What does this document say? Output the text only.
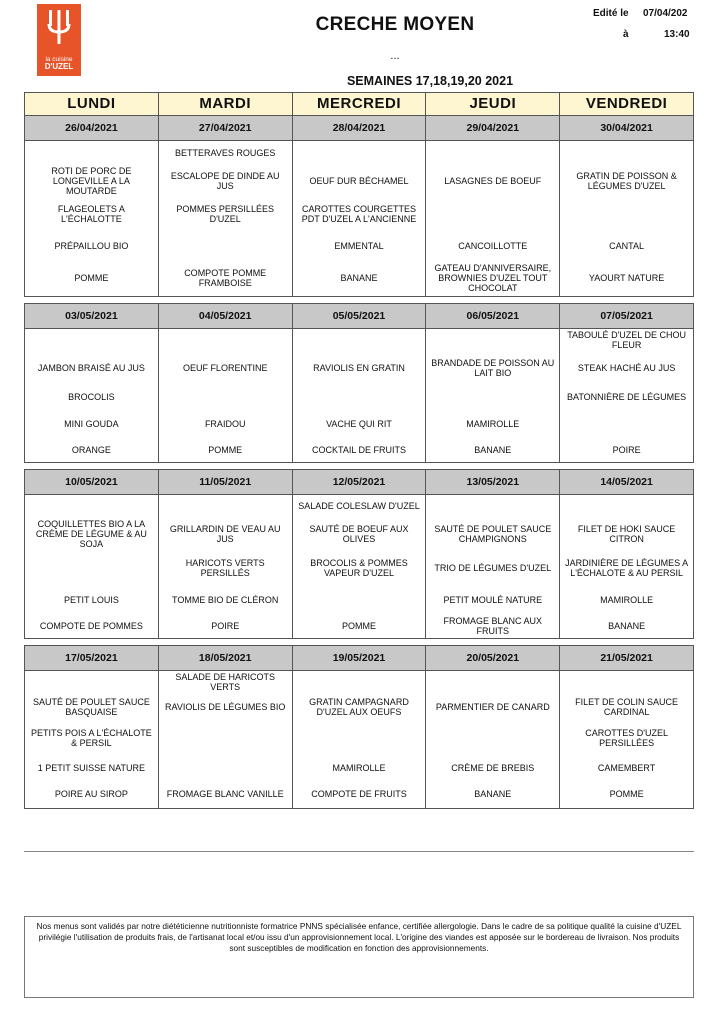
la cuisine
D'UZEL
CRECHE MOYEN
...
SEMAINES 17,18,19,20 2021
Edité le 07/04/202
à	13:40
LUNDI	MARDI	MERCREDI	JEUDI	VENDREDI
26/04/2021	27/04/2021	28/04/2021	29/04/2021	30/04/2021
	BETTERAVES ROUGES			
ROTI DE PORC DE LONGEVILLE A LA MOUTARDE	ESCALOPE DE DINDE AU JUS	OEUF DUR BÉCHAMEL	LASAGNES DE BOEUF	GRATIN DE POISSON & LÉGUMES D'UZEL
FLAGEOLETS A L'ÉCHALOTTE	POMMES PERSILLÉES D'UZEL	CAROTTES COURGETTES PDT D'UZEL A L'ANCIENNE		
PRÉPAILLOU BIO		EMMENTAL	CANCOILLOTTE	CANTAL
POMME	COMPOTE POMME FRAMBOISE	BANANE	GATEAU D'ANNIVERSAIRE, BROWNIES D'UZEL TOUT CHOCOLAT	YAOURT NATURE

03/05/2021	04/05/2021	05/05/2021	06/05/2021	07/05/2021
				TABOULÉ D'UZEL DE CHOU FLEUR
JAMBON BRAISÉ AU JUS	OEUF FLORENTINE	RAVIOLIS EN GRATIN	BRANDADE DE POISSON AU LAIT BIO	STEAK HACHÉ AU JUS
BROCOLIS				BATONNIÈRE DE LÉGUMES
MINI GOUDA	FRAIDOU	VACHE QUI RIT	MAMIROLLE	
ORANGE	POMME	COCKTAIL DE FRUITS	BANANE	POIRE

10/05/2021	11/05/2021	12/05/2021	13/05/2021	14/05/2021
		SALADE COLESLAW D'UZEL		
COQUILLETTES BIO A LA CRÈME DE LÉGUME & AU SOJA	GRILLARDIN DE VEAU AU JUS	SAUTÉ DE BOEUF AUX OLIVES	SAUTÉ DE POULET SAUCE CHAMPIGNONS	FILET DE HOKI SAUCE CITRON
	HARICOTS VERTS PERSILLÉS	BROCOLIS & POMMES VAPEUR D'UZEL	TRIO DE LÉGUMES D'UZEL	JARDINIÈRE DE LÉGUMES A L'ÉCHALOTE & AU PERSIL
PETIT LOUIS	TOMME BIO DE CLÉRON		PETIT MOULÉ NATURE	MAMIROLLE
COMPOTE DE POMMES	POIRE	POMME	FROMAGE BLANC AUX FRUITS	BANANE

17/05/2021	18/05/2021	19/05/2021	20/05/2021	21/05/2021
	SALADE DE HARICOTS VERTS			
SAUTÉ DE POULET SAUCE BASQUAISE	RAVIOLIS DE LÉGUMES BIO	GRATIN CAMPAGNARD D'UZEL AUX OEUFS	PARMENTIER DE CANARD	FILET DE COLIN SAUCE CARDINAL
PETITS POIS A L'ÉCHALOTE & PERSIL				CAROTTES D'UZEL PERSILLÉES
1 PETIT SUISSE NATURE		MAMIROLLE	CRÈME DE BREBIS	CAMEMBERT
POIRE AU SIROP	FROMAGE BLANC VANILLE	COMPOTE DE FRUITS	BANANE	POMME
Nos menus sont validés par notre diététicienne nutritionniste formatrice PNNS spécialisée enfance, certifiée allergologie. Dans le cadre de sa politique qualité la cuisine d'UZEL privilégie l'utilisation de produits frais, de l'artisanat local et/ou issu d'un approvisionnement local. L'origine des viandes est apposée sur le bordereau de livraison. Nos produits sont susceptibles de modification en fonction des approvisionnements.
